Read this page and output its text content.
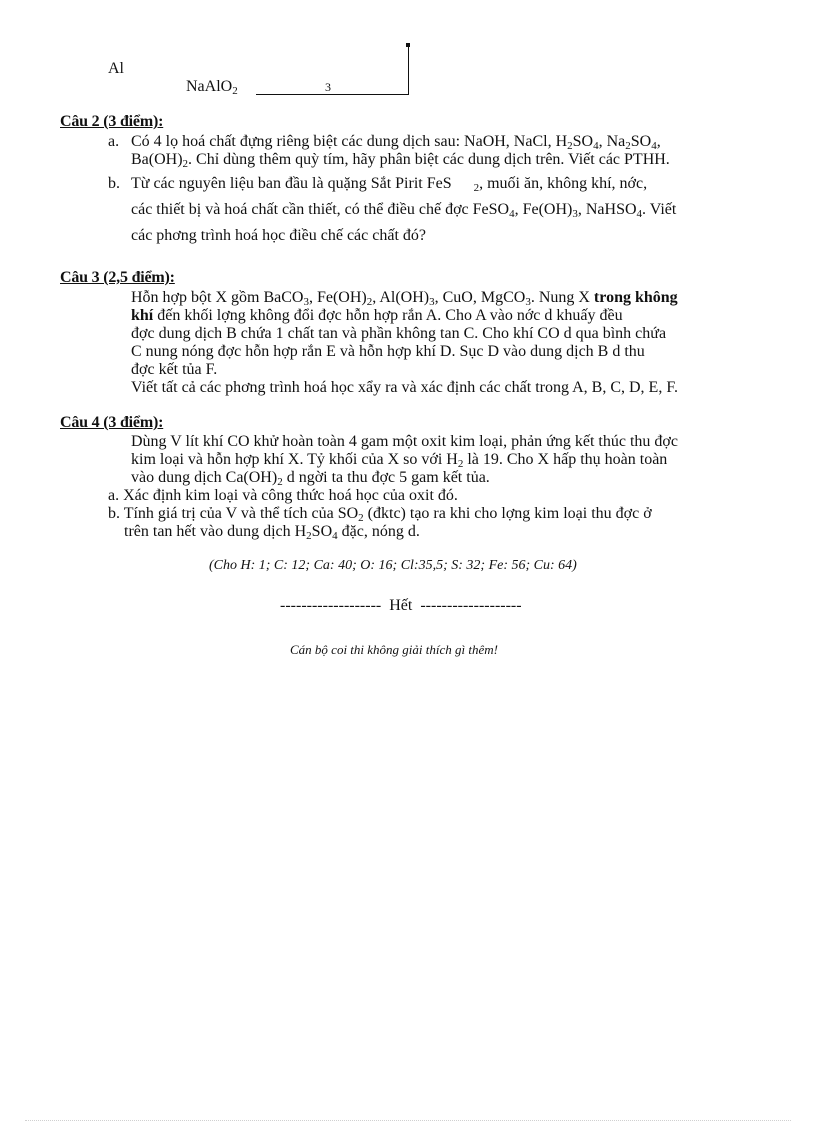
Al
NaAlO$_2$	3
Câu 2 (3 điểm):
a. Có 4 lọ hoá chất đựng riêng biệt các dung dịch sau: NaOH, NaCl, $H_2SO_4$, $Na_2SO_4$,
$Ba(OH)_2$. Chỉ dùng thêm quỳ tím, hãy phân biệt các dung dịch trên. Viết các PTHH.
b. Từ các nguyên liệu ban đầu là quặng Sắt Pirit FeS $_2$, muối ăn, không khí, nớc,
các thiết bị và hoá chất cần thiết, có thể điều chế đợc FeSO$_4$, $Fe(OH)_3$, NaHSO$_4$. Viết
các phơng trình hoá học điều chế các chất đó?
Câu 3 (2,5 điểm):
Hỗn hợp bột X gồm BaCO$_3$, $Fe(OH)_2$, $Al(OH)_3$, CuO, MgCO$_3$. Nung X trong không
khí đến khối lợng không đổi đợc hỗn hợp rắn A. Cho A vào nớc d khuấy đều
đợc dung dịch B chứa 1 chất tan và phần không tan C. Cho khí CO d qua bình chứa
C nung nóng đợc hỗn hợp rắn E và hỗn hợp khí D. Sục D vào dung dịch B d thu
đợc kết tủa F.
Viết tất cả các phơng trình hoá học xẩy ra và xác định các chất trong A, B, C, D, E, F.
Câu 4 (3 điểm):
Dùng V lít khí CO khử hoàn toàn 4 gam một oxit kim loại, phản ứng kết thúc thu đợc
kim loại và hỗn hợp khí X. Tỷ khối của X so với $H_2$ là 19. Cho X hấp thụ hoàn toàn
vào dung dịch $Ca(OH)_2$ d ngời ta thu đợc 5 gam kết tủa.
a. Xác định kim loại và công thức hoá học của oxit đó.
b. Tính giá trị của V và thể tích của $SO_2$ (đktc) tạo ra khi cho lợng kim loại thu đợc ở
trên tan hết vào dung dịch $H_2SO_4$ đặc, nóng d.
(Cho H: 1; C: 12; Ca: 40; O: 16; Cl:35,5; S: 32; Fe: 56; Cu: 64)
------------------- Hết -------------------
Cán bộ coi thi không giải thích gì thêm!
